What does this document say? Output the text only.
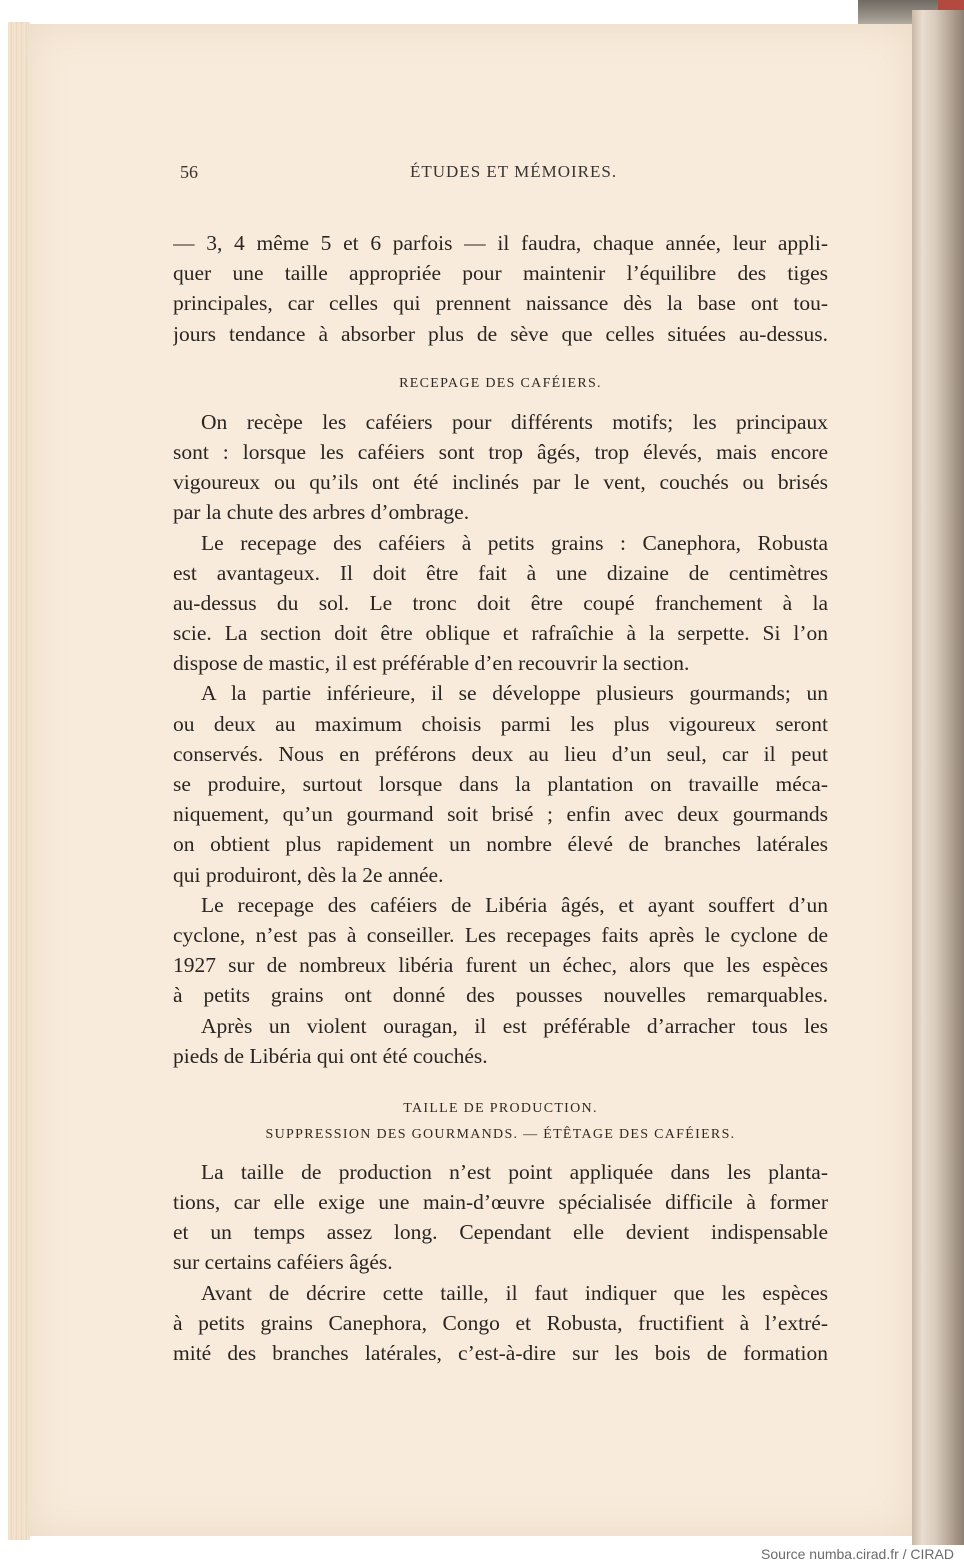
56	ÉTUDES ET MÉMOIRES.
— 3, 4 même 5 et 6 parfois — il faudra, chaque année, leur appli-
quer une taille appropriée pour maintenir l’équilibre des tiges
principales, car celles qui prennent naissance dès la base ont tou-
jours tendance à absorber plus de sève que celles situées au-dessus.
RECEPAGE DES CAFÉIERS.
On recèpe les caféiers pour différents motifs; les principaux
sont : lorsque les caféiers sont trop âgés, trop élevés, mais encore
vigoureux ou qu’ils ont été inclinés par le vent, couchés ou brisés
par la chute des arbres d’ombrage.
Le recepage des caféiers à petits grains : Canephora, Robusta
est avantageux. Il doit être fait à une dizaine de centimètres
au-dessus du sol. Le tronc doit être coupé franchement à la
scie. La section doit être oblique et rafraîchie à la serpette. Si l’on
dispose de mastic, il est préférable d’en recouvrir la section.
A la partie inférieure, il se développe plusieurs gourmands; un
ou deux au maximum choisis parmi les plus vigoureux seront
conservés. Nous en préférons deux au lieu d’un seul, car il peut
se produire, surtout lorsque dans la plantation on travaille méca-
niquement, qu’un gourmand soit brisé ; enfin avec deux gourmands
on obtient plus rapidement un nombre élevé de branches latérales
qui produiront, dès la 2e année.
Le recepage des caféiers de Libéria âgés, et ayant souffert d’un
cyclone, n’est pas à conseiller. Les recepages faits après le cyclone de
1927 sur de nombreux libéria furent un échec, alors que les espèces
à petits grains ont donné des pousses nouvelles remarquables.
Après un violent ouragan, il est préférable d’arracher tous les
pieds de Libéria qui ont été couchés.
TAILLE DE PRODUCTION.
SUPPRESSION DES GOURMANDS. — ÉTÊTAGE DES CAFÉIERS.
La taille de production n’est point appliquée dans les planta-
tions, car elle exige une main-d’œuvre spécialisée difficile à former
et un temps assez long. Cependant elle devient indispensable
sur certains caféiers âgés.
Avant de décrire cette taille, il faut indiquer que les espèces
à petits grains Canephora, Congo et Robusta, fructifient à l’extré-
mité des branches latérales, c’est-à-dire sur les bois de formation
Source numba.cirad.fr / CIRAD
